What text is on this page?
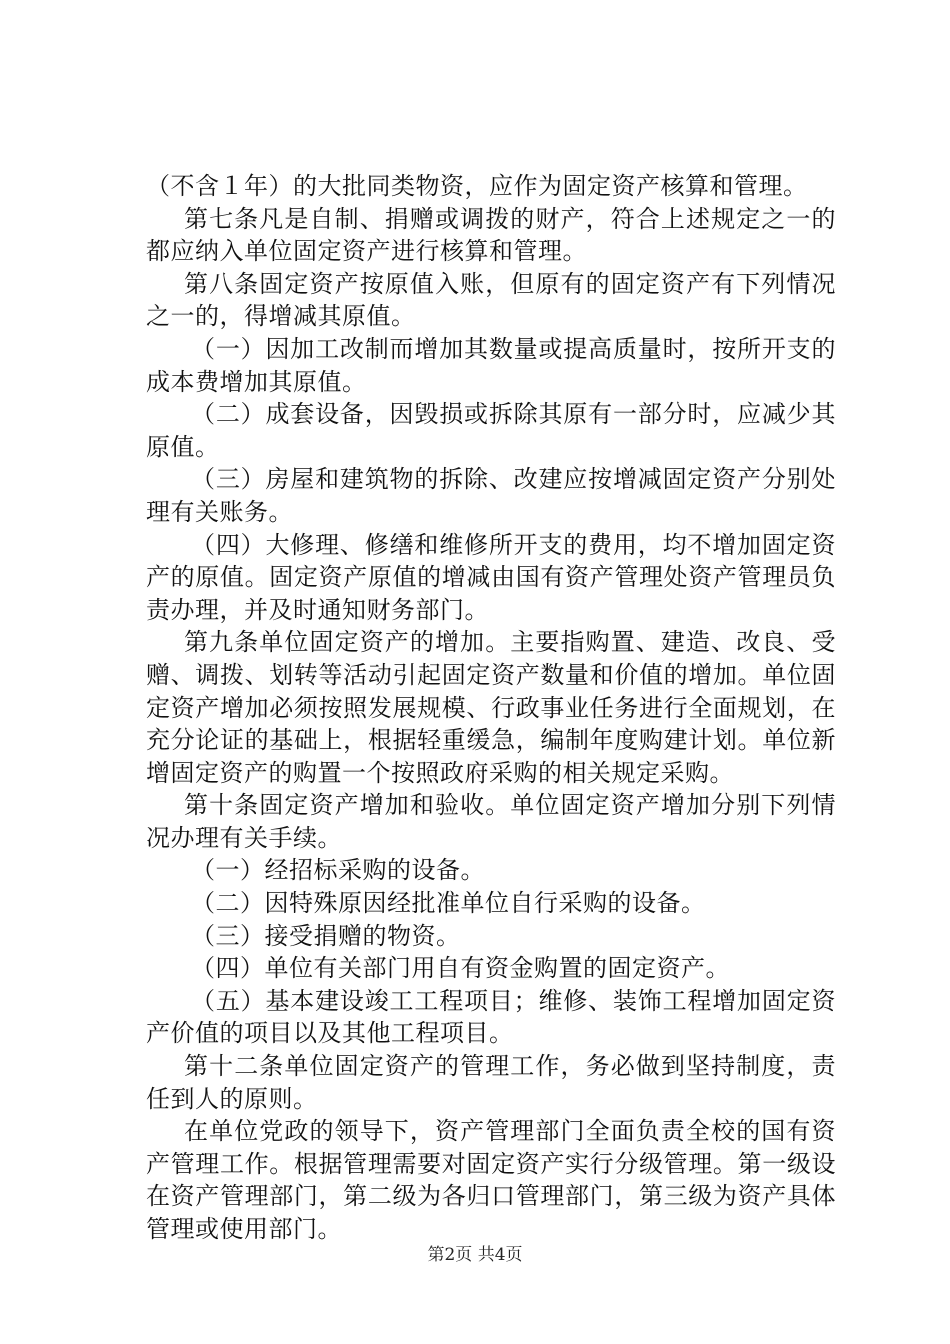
（不含１年）的大批同类物资，应作为固定资产核算和管理。

第七条凡是自制、捐赠或调拨的财产，符合上述规定之一的都应纳入单位固定资产进行核算和管理。

第八条固定资产按原值入账，但原有的固定资产有下列情况之一的，得增减其原值。

（一）因加工改制而增加其数量或提高质量时，按所开支的成本费增加其原值。

（二）成套设备，因毁损或拆除其原有一部分时，应减少其原值。

（三）房屋和建筑物的拆除、改建应按增减固定资产分别处理有关账务。

（四）大修理、修缮和维修所开支的费用，均不增加固定资产的原值。固定资产原值的增减由国有资产管理处资产管理员负责办理，并及时通知财务部门。

第九条单位固定资产的增加。主要指购置、建造、改良、受赠、调拨、划转等活动引起固定资产数量和价值的增加。单位固定资产增加必须按照发展规模、行政事业任务进行全面规划，在充分论证的基础上，根据轻重缓急，编制年度购建计划。单位新增固定资产的购置一个按照政府采购的相关规定采购。

第十条固定资产增加和验收。单位固定资产增加分别下列情况办理有关手续。

（一）经招标采购的设备。

（二）因特殊原因经批准单位自行采购的设备。

（三）接受捐赠的物资。

（四）单位有关部门用自有资金购置的固定资产。

（五）基本建设竣工工程项目；维修、装饰工程增加固定资产价值的项目以及其他工程项目。

第十二条单位固定资产的管理工作，务必做到坚持制度，责任到人的原则。

在单位党政的领导下，资产管理部门全面负责全校的国有资产管理工作。根据管理需要对固定资产实行分级管理。第一级设在资产管理部门，第二级为各归口管理部门，第三级为资产具体管理或使用部门。

第2页 共4页
